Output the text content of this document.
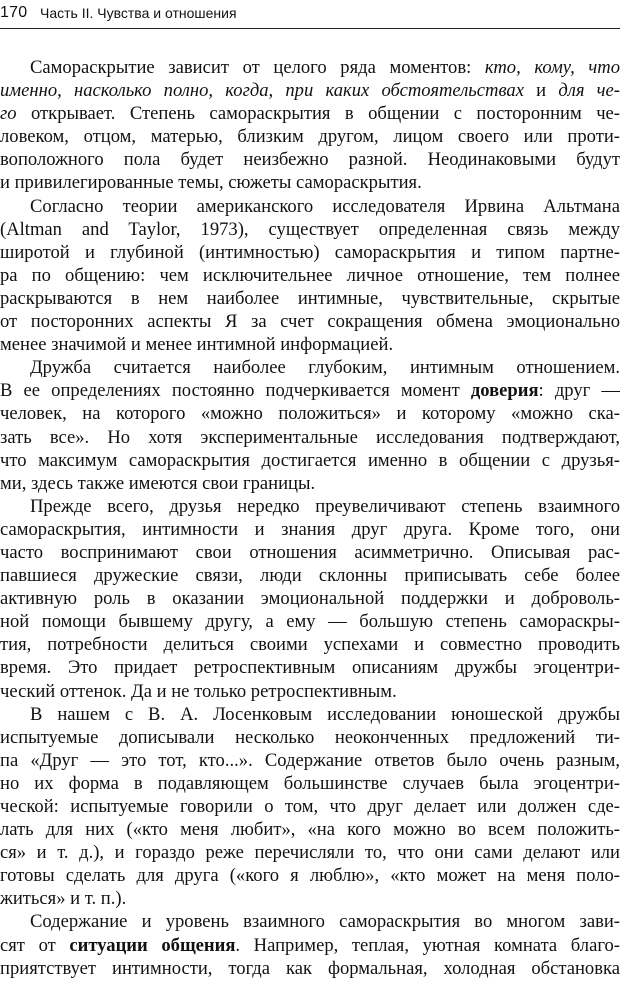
170 Часть II. Чувства и отношения
Самораскрытие зависит от целого ряда моментов: кто, кому, что
именно, насколько полно, когда, при каких обстоятельствах и для че-
го открывает. Степень самораскрытия в общении с посторонним че-
ловеком, отцом, матерью, близким другом, лицом своего или проти-
воположного пола будет неизбежно разной. Неодинаковыми будут
и привилегированные темы, сюжеты самораскрытия.
Согласно теории американского исследователя Ирвина Альтмана
(Altman and Taylor, 1973), существует определенная связь между
широтой и глубиной (интимностью) самораскрытия и типом партне-
ра по общению: чем исключительнее личное отношение, тем полнее
раскрываются в нем наиболее интимные, чувствительные, скрытые
от посторонних аспекты Я за счет сокращения обмена эмоционально
менее значимой и менее интимной информацией.
Дружба считается наиболее глубоким, интимным отношением.
В ее определениях постоянно подчеркивается момент доверия: друг —
человек, на которого «можно положиться» и которому «можно ска-
зать все». Но хотя экспериментальные исследования подтверждают,
что максимум самораскрытия достигается именно в общении с друзья-
ми, здесь также имеются свои границы.
Прежде всего, друзья нередко преувеличивают степень взаимного
самораскрытия, интимности и знания друг друга. Кроме того, они
часто воспринимают свои отношения асимметрично. Описывая рас-
павшиеся дружеские связи, люди склонны приписывать себе более
активную роль в оказании эмоциональной поддержки и доброволь-
ной помощи бывшему другу, а ему — большую степень самораскры-
тия, потребности делиться своими успехами и совместно проводить
время. Это придает ретроспективным описаниям дружбы эгоцентри-
ческий оттенок. Да и не только ретроспективным.
В нашем с В. А. Лосенковым исследовании юношеской дружбы
испытуемые дописывали несколько неоконченных предложений ти-
па «Друг — это тот, кто...». Содержание ответов было очень разным,
но их форма в подавляющем большинстве случаев была эгоцентри-
ческой: испытуемые говорили о том, что друг делает или должен сде-
лать для них («кто меня любит», «на кого можно во всем положить-
ся» и т. д.), и гораздо реже перечисляли то, что они сами делают или
готовы сделать для друга («кого я люблю», «кто может на меня поло-
житься» и т. п.).
Содержание и уровень взаимного самораскрытия во многом зави-
сят от ситуации общения. Например, теплая, уютная комната благо-
приятствует интимности, тогда как формальная, холодная обстановка
